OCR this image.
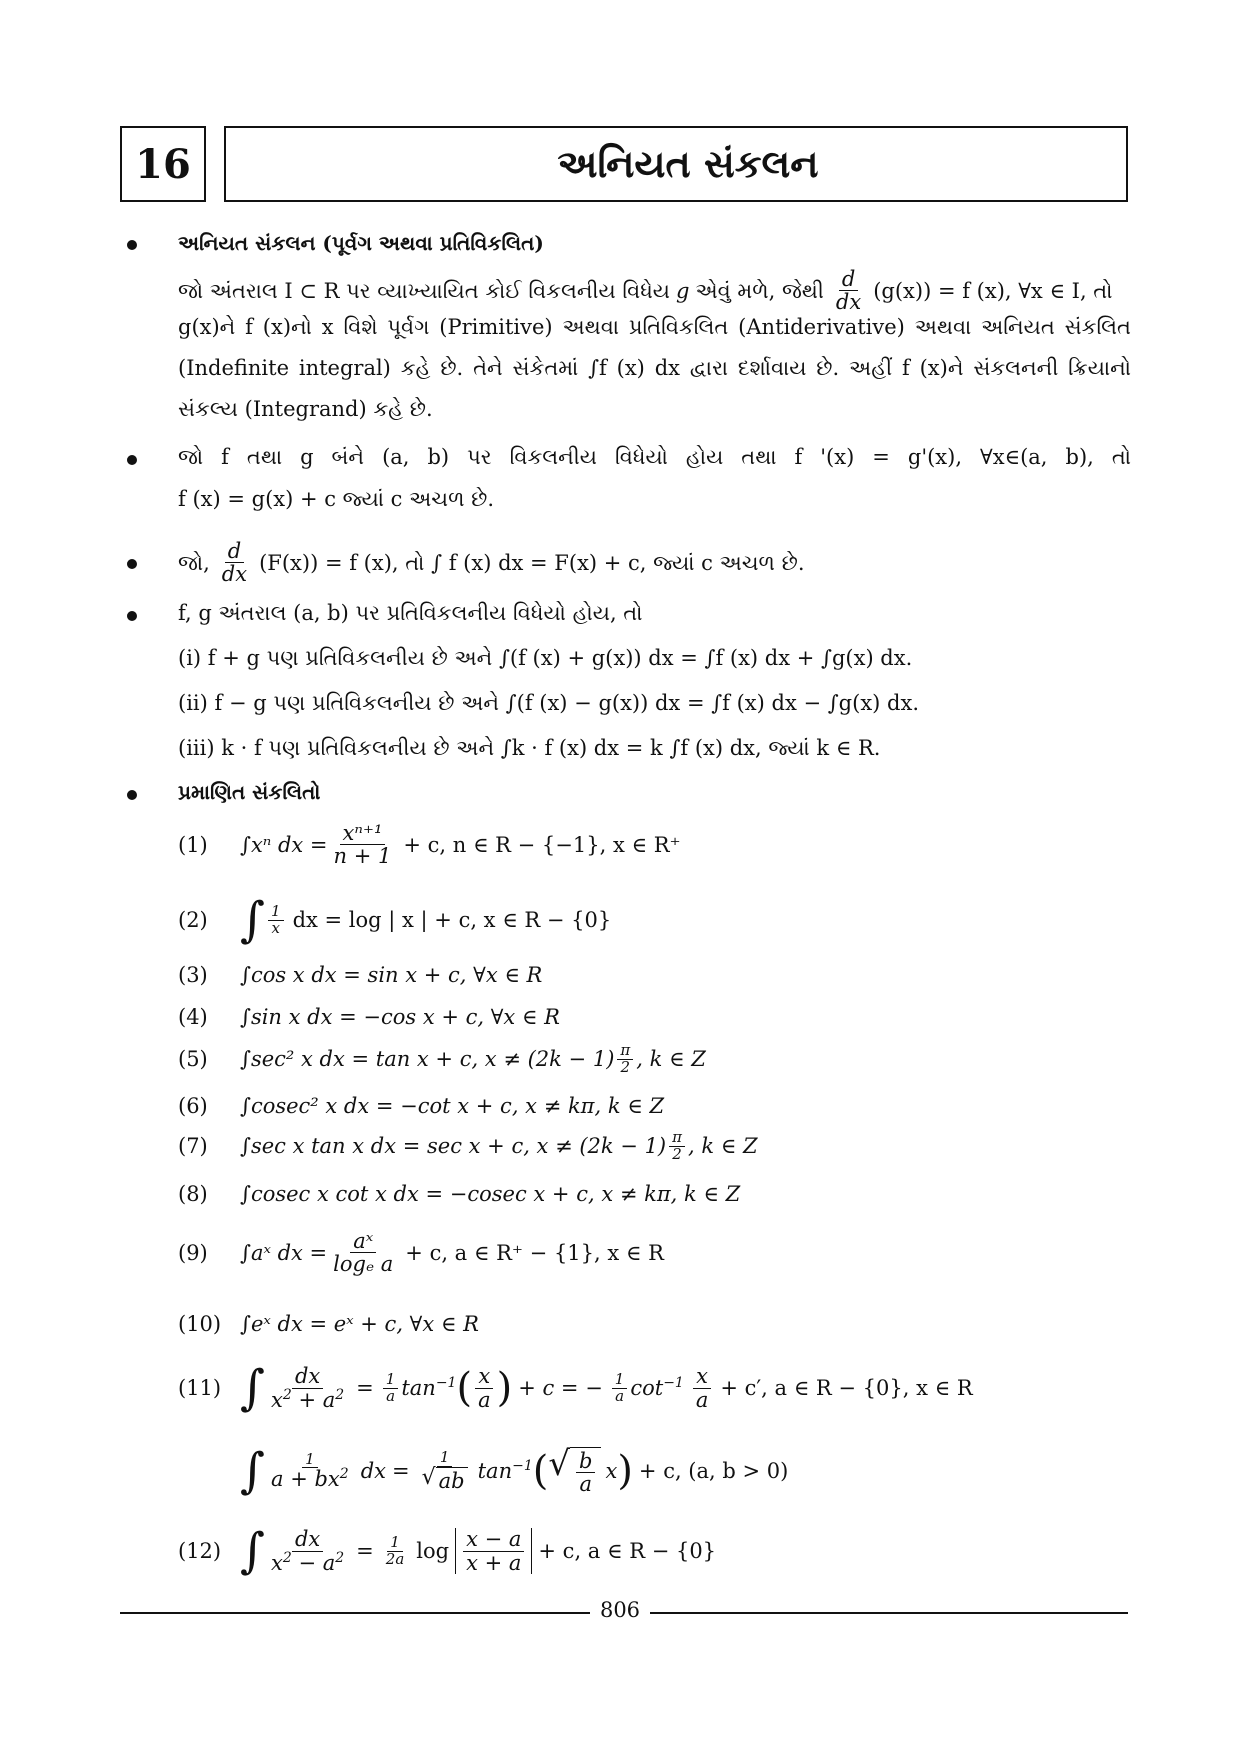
16	અનિયત સંકલન
અનિયત સંકલન (પૂર્વગ અથવા પ્રતિવિકલિત)
જો અંતરાલ I ⊂ R પર વ્યાખ્યાયિત કોઈ વિકલનીય વિધેય g એવું મળે, જેથી $\frac{d}{dx} (g(x)) = f$ (x), ∀x ∈ I, તો
g(x)ને f (x)નો x વિશે પૂર્વગ (Primitive) અથવા પ્રતિવિકલિત (Antiderivative) અથવા અનિયત સંકલિત
(Indefinite integral) કહે છે. તેને સંકેતમાં ∫f (x) dx દ્વારા દર્શાવાય છે. અહીં f (x)ને સંકલનની ક્રિયાનો
સંકલ્ય (Integrand) કહે છે.
જો f તથા g બંને (a, b) પર વિકલનીય વિધેયો હોય તથા f '(x) = g'(x), ∀x∈(a, b), તો
f (x) = g(x) + c જ્યાં c અચળ છે.
જો, $\frac{d}{dx} (F(x)) = f$ (x), તો ∫ f (x) dx = F(x) + c, જ્યાં c અચળ છે.
f, g અંતરાલ (a, b) પર પ્રતિવિકલનીય વિધેયો હોય, તો
(i) f + g પણ પ્રતિવિકલનીય છે અને ∫(f (x) + g(x)) dx = ∫f (x) dx + ∫g(x) dx.
(ii) f − g પણ પ્રતિવિકલનીય છે અને ∫(f (x) − g(x)) dx = ∫f (x) dx − ∫g(x) dx.
(iii) k · f પણ પ્રતિવિકલનીય છે અને ∫k · f (x) dx = k ∫f (x) dx, જ્યાં k ∈ R.
પ્રમાણિત સંકલિતો
(1)	∫xⁿ dx = $\frac{\text{xⁿ⁺¹}}{n + 1} + c$, n ∈ R − {−1}, x ∈ R⁺
(2) ∫ $\frac{1}{x}$ dx = log | x | + c, x ∈ R − {0}
(3)	∫cos x dx = sin x + c, ∀x ∈ R
(4)	∫sin x dx = −cos x + c, ∀x ∈ R
(5)	∫sec² x dx = tan x + c, $x \ne (2k - 1) \frac{\pi}{2}$ , k ∈ Z
(6)	∫cosec² x dx = −cot x + c, x ≠ kπ, k ∈ Z
(7)	∫sec x tan x dx = sec x + c, $x \ne (2k - 1) \frac{\pi}{2}$ , k ∈ Z
(8)	∫cosec x cot x dx = −cosec x + c, x ≠ kπ, k ∈ Z
(9)	∫aˣ dx = $\frac{\text{aˣ}}{\text{logₑ a}} + c$, a ∈ R⁺ − {1}, x ∈ R
(10) ∫eˣ dx = eˣ + c, ∀x ∈ R
(11) ∫ $\frac{dx}{x^2 + a^2} = \frac{1}{a} \tan^{-1}$ ( $\frac{x}{a}$ ) + c = − $\frac{1}{a} \cot^{-1} \frac{x}{a} + c'$, a ∈ R − {0}, x ∈ R
∫ $\frac{1}{a + bx^2}$ dx = $\frac{1}{√ ab} \tan^{-1}$ ( √ $\frac{b}{a}$ x ) + c, (a, b > 0)
(12) ∫ $\frac{dx}{x^2 - a^2} = \frac{1}{2a}$ $\log \frac{x - a}{x + a} + c$, a ∈ R − {0}
806
